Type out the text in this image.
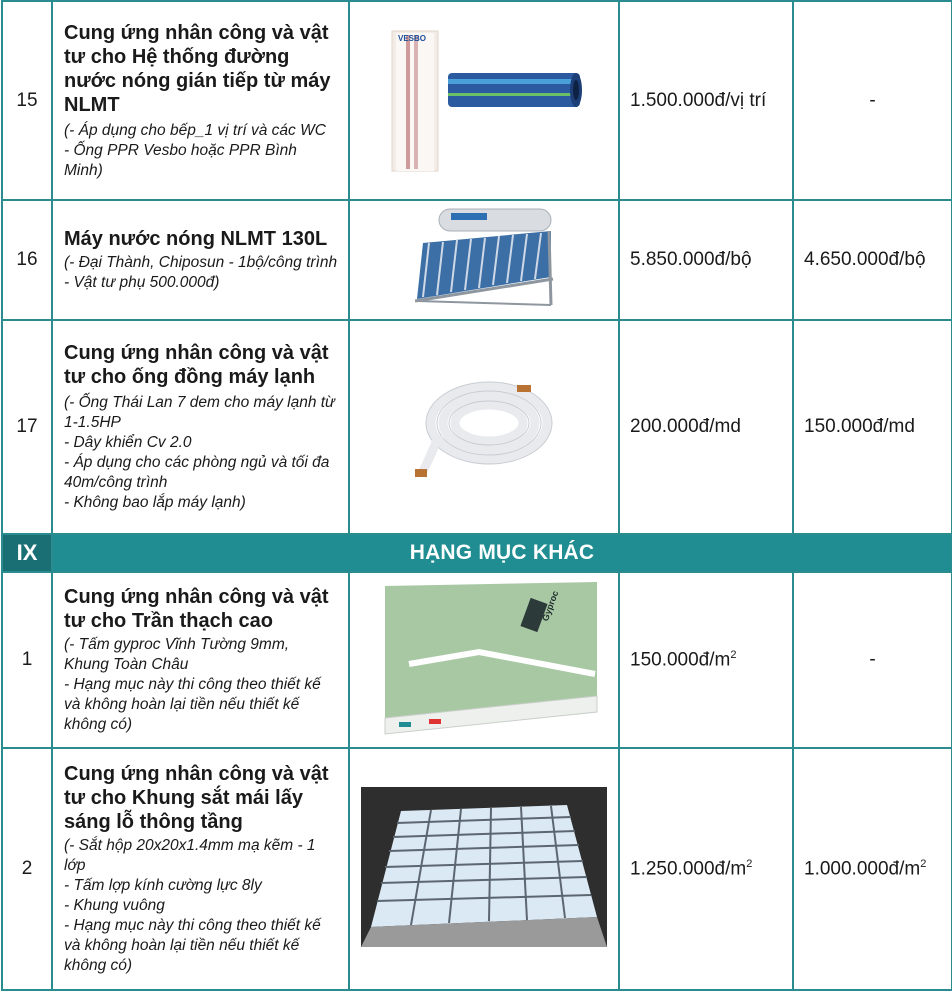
15	Cung ứng nhân công và vật tư cho Hệ thống đường nước nóng gián tiếp từ máy NLMT
(- Áp dụng cho bếp_1 vị trí và các WC
- Ống PPR Vesbo hoặc PPR Bình Minh)	VESBO	1.500.000đ/vị trí	-
16	Máy nước nóng NLMT 130L
(- Đại Thành, Chiposun - 1bộ/công trình
- Vật tư phụ 500.000đ)		5.850.000đ/bộ	4.650.000đ/bộ
17	Cung ứng nhân công và vật tư cho ống đồng máy lạnh
(- Ống Thái Lan 7 dem cho máy lạnh từ 1-1.5HP
- Dây khiển Cv 2.0
- Áp dụng cho các phòng ngủ và tối đa 40m/công trình
- Không bao lắp máy lạnh)		200.000đ/md	150.000đ/md
IX	HẠNG MỤC KHÁC			
1	Cung ứng nhân công và vật tư cho Trần thạch cao
(- Tấm gyproc Vĩnh Tường 9mm, Khung Toàn Châu
- Hạng mục này thi công theo thiết kế và không hoàn lại tiền nếu thiết kế không có)	Gyproc	$150.000đ/m^2$	-
2	Cung ứng nhân công và vật tư cho Khung sắt mái lấy sáng lỗ thông tầng
(- Sắt hộp 20x20x1.4mm mạ kẽm - 1 lớp
- Tấm lợp kính cường lực 8ly
- Khung vuông
- Hạng mục này thi công theo thiết kế và không hoàn lại tiền nếu thiết kế không có)		$1.250.000đ/m^2$	$1.000.000đ/m^2$
